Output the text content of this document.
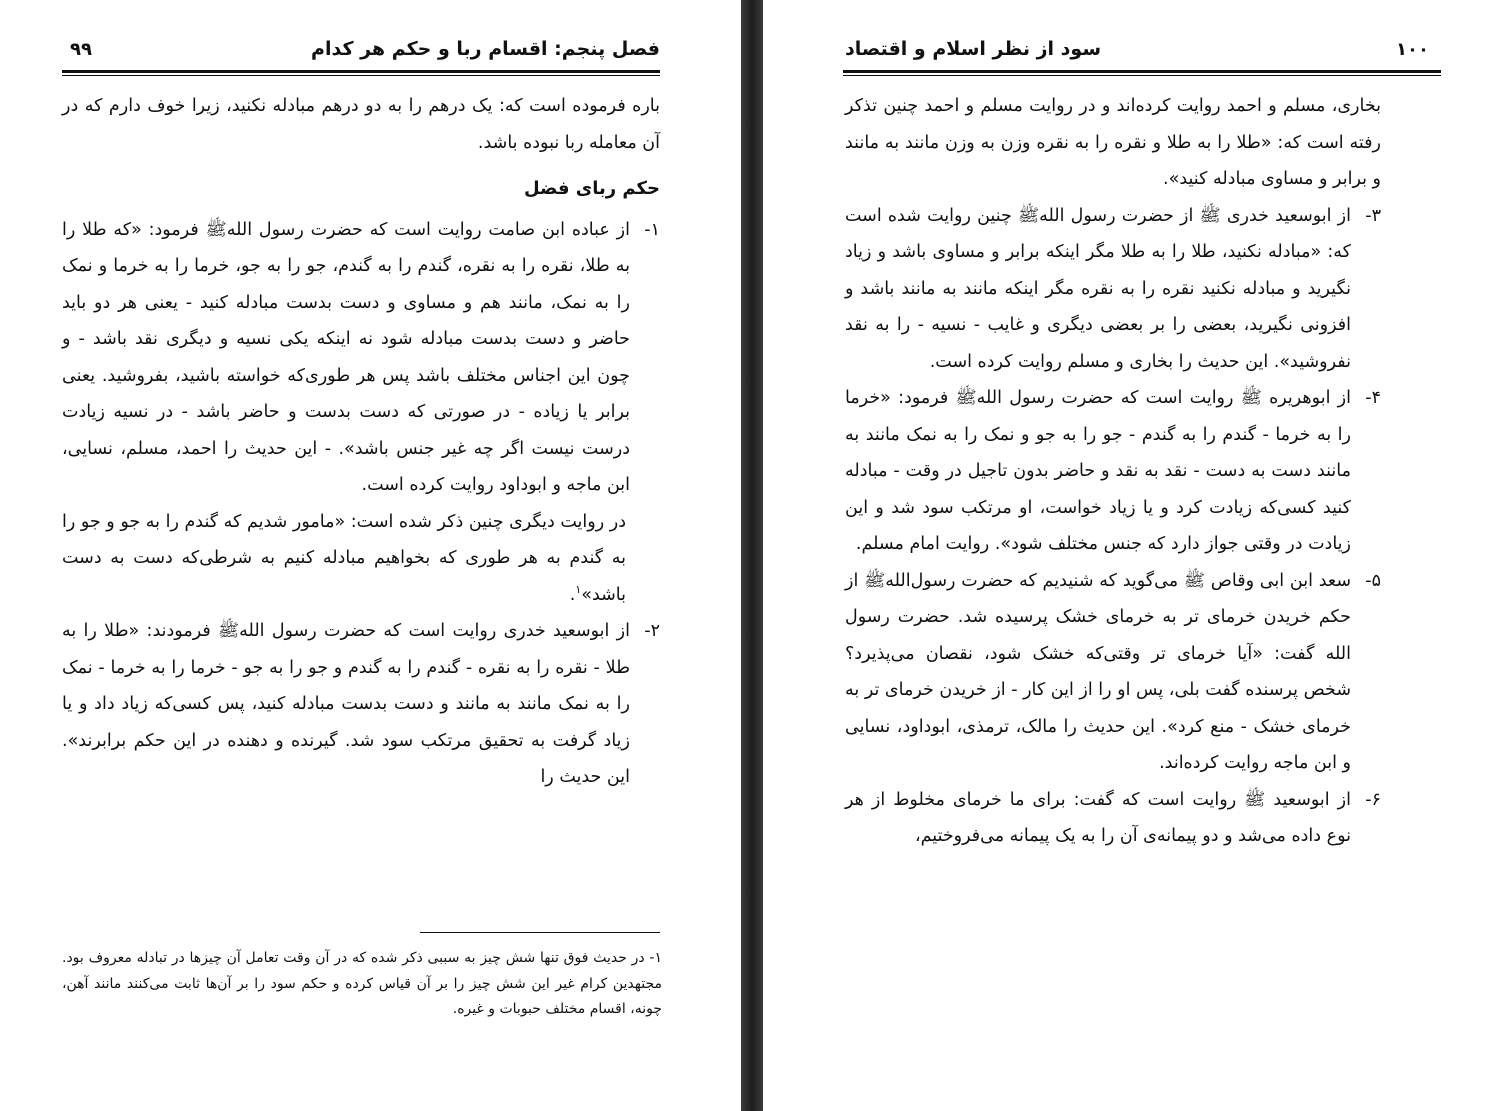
فصل پنجم: اقسام ربا و حکم هر کدام
۹۹

باره فرموده است که: یک درهم را به دو درهم مبادله نکنید، زیرا خوف دارم که در آن معامله ربا نبوده باشد.

حکم ربای فضل

۱-
از عباده ابن صامت روایت است که حضرت رسول اللهﷺ فرمود: «که طلا را به طلا، نقره را به نقره، گندم را به گندم، جو را به جو، خرما را به خرما و نمک را به نمک، مانند هم و مساوی و دست بدست مبادله کنید - یعنی هر دو باید حاضر و دست بدست مبادله شود نه اینکه یکی نسیه و دیگری نقد باشد - و چون این اجناس مختلف باشد پس هر طوری‌که خواسته باشید، بفروشید. یعنی برابر یا زیاده - در صورتی که دست بدست و حاضر باشد - در نسیه زیادت درست نیست اگر چه غیر جنس باشد». - این حدیث را احمد، مسلم، نسایی، ابن ماجه و ابوداود روایت کرده است.

در روایت دیگری چنین ذکر شده است: «مامور شدیم که گندم را به جو و جو را به گندم به هر طوری که بخواهیم مبادله کنیم به شرطی‌که دست به دست باشد»$^۱$.

۲-
از ابوسعید خدری روایت است که حضرت رسول اللهﷺ فرمودند: «طلا را به طلا - نقره را به نقره - گندم را به گندم و جو را به جو - خرما را به خرما - نمک را به نمک مانند به مانند و دست بدست مبادله کنید، پس کسی‌که زیاد داد و یا زیاد گرفت به تحقیق مرتکب سود شد. گیرنده و دهنده در این حکم برابرند». این حدیث را
۱- در حدیث فوق تنها شش چیز به سببی ذکر شده که در آن وقت تعامل آن چیزها در تبادله معروف بود. مجتهدین کرام غیر این شش چیز را بر آن قیاس کرده و حکم سود را بر آن‌ها ثابت می‌کنند مانند آهن، چونه، اقسام مختلف حبوبات و غیره.
۱۰۰
سود از نظر اسلام و اقتصاد

بخاری، مسلم و احمد روایت کرده‌اند و در روایت مسلم و احمد چنین تذکر رفته است که: «طلا را به طلا و نقره را به نقره وزن به وزن مانند به مانند و برابر و مساوی مبادله کنید».

۳-
از ابوسعید خدری ﷺ از حضرت رسول اللهﷺ چنین روایت شده است که: «مبادله نکنید، طلا را به طلا مگر اینکه برابر و مساوی باشد و زیاد نگیرید و مبادله نکنید نقره را به نقره مگر اینکه مانند به مانند باشد و افزونی نگیرید، بعضی را بر بعضی دیگری و غایب - نسیه - را به نقد نفروشید». این حدیث را بخاری و مسلم روایت کرده است.
۴-
از ابوهریره ﷺ روایت است که حضرت رسول اللهﷺ فرمود: «خرما را به خرما - گندم را به گندم - جو را به جو و نمک را به نمک مانند به مانند دست به دست - نقد به نقد و حاضر بدون تاجیل در وقت - مبادله کنید کسی‌که زیادت کرد و یا زیاد خواست، او مرتکب سود شد و این زیادت در وقتی جواز دارد که جنس مختلف شود». روایت امام مسلم.
۵-
سعد ابن ابی وقاص ﷺ می‌گوید که شنیدیم که حضرت رسول‌اللهﷺ از حکم خریدن خرمای تر به خرمای خشک پرسیده شد. حضرت رسول الله گفت: «آیا خرمای تر وقتی‌که خشک شود، نقصان می‌پذیرد؟ شخص پرسنده گفت بلی، پس او را از این کار - از خریدن خرمای تر به خرمای خشک - منع کرد». این حدیث را مالک، ترمذی، ابوداود، نسایی و ابن ماجه روایت کرده‌اند.
۶-
از ابوسعید ﷺ روایت است که گفت: برای ما خرمای مخلوط از هر نوع داده می‌شد و دو پیمانه‌ی آن را به یک پیمانه می‌فروختیم،
